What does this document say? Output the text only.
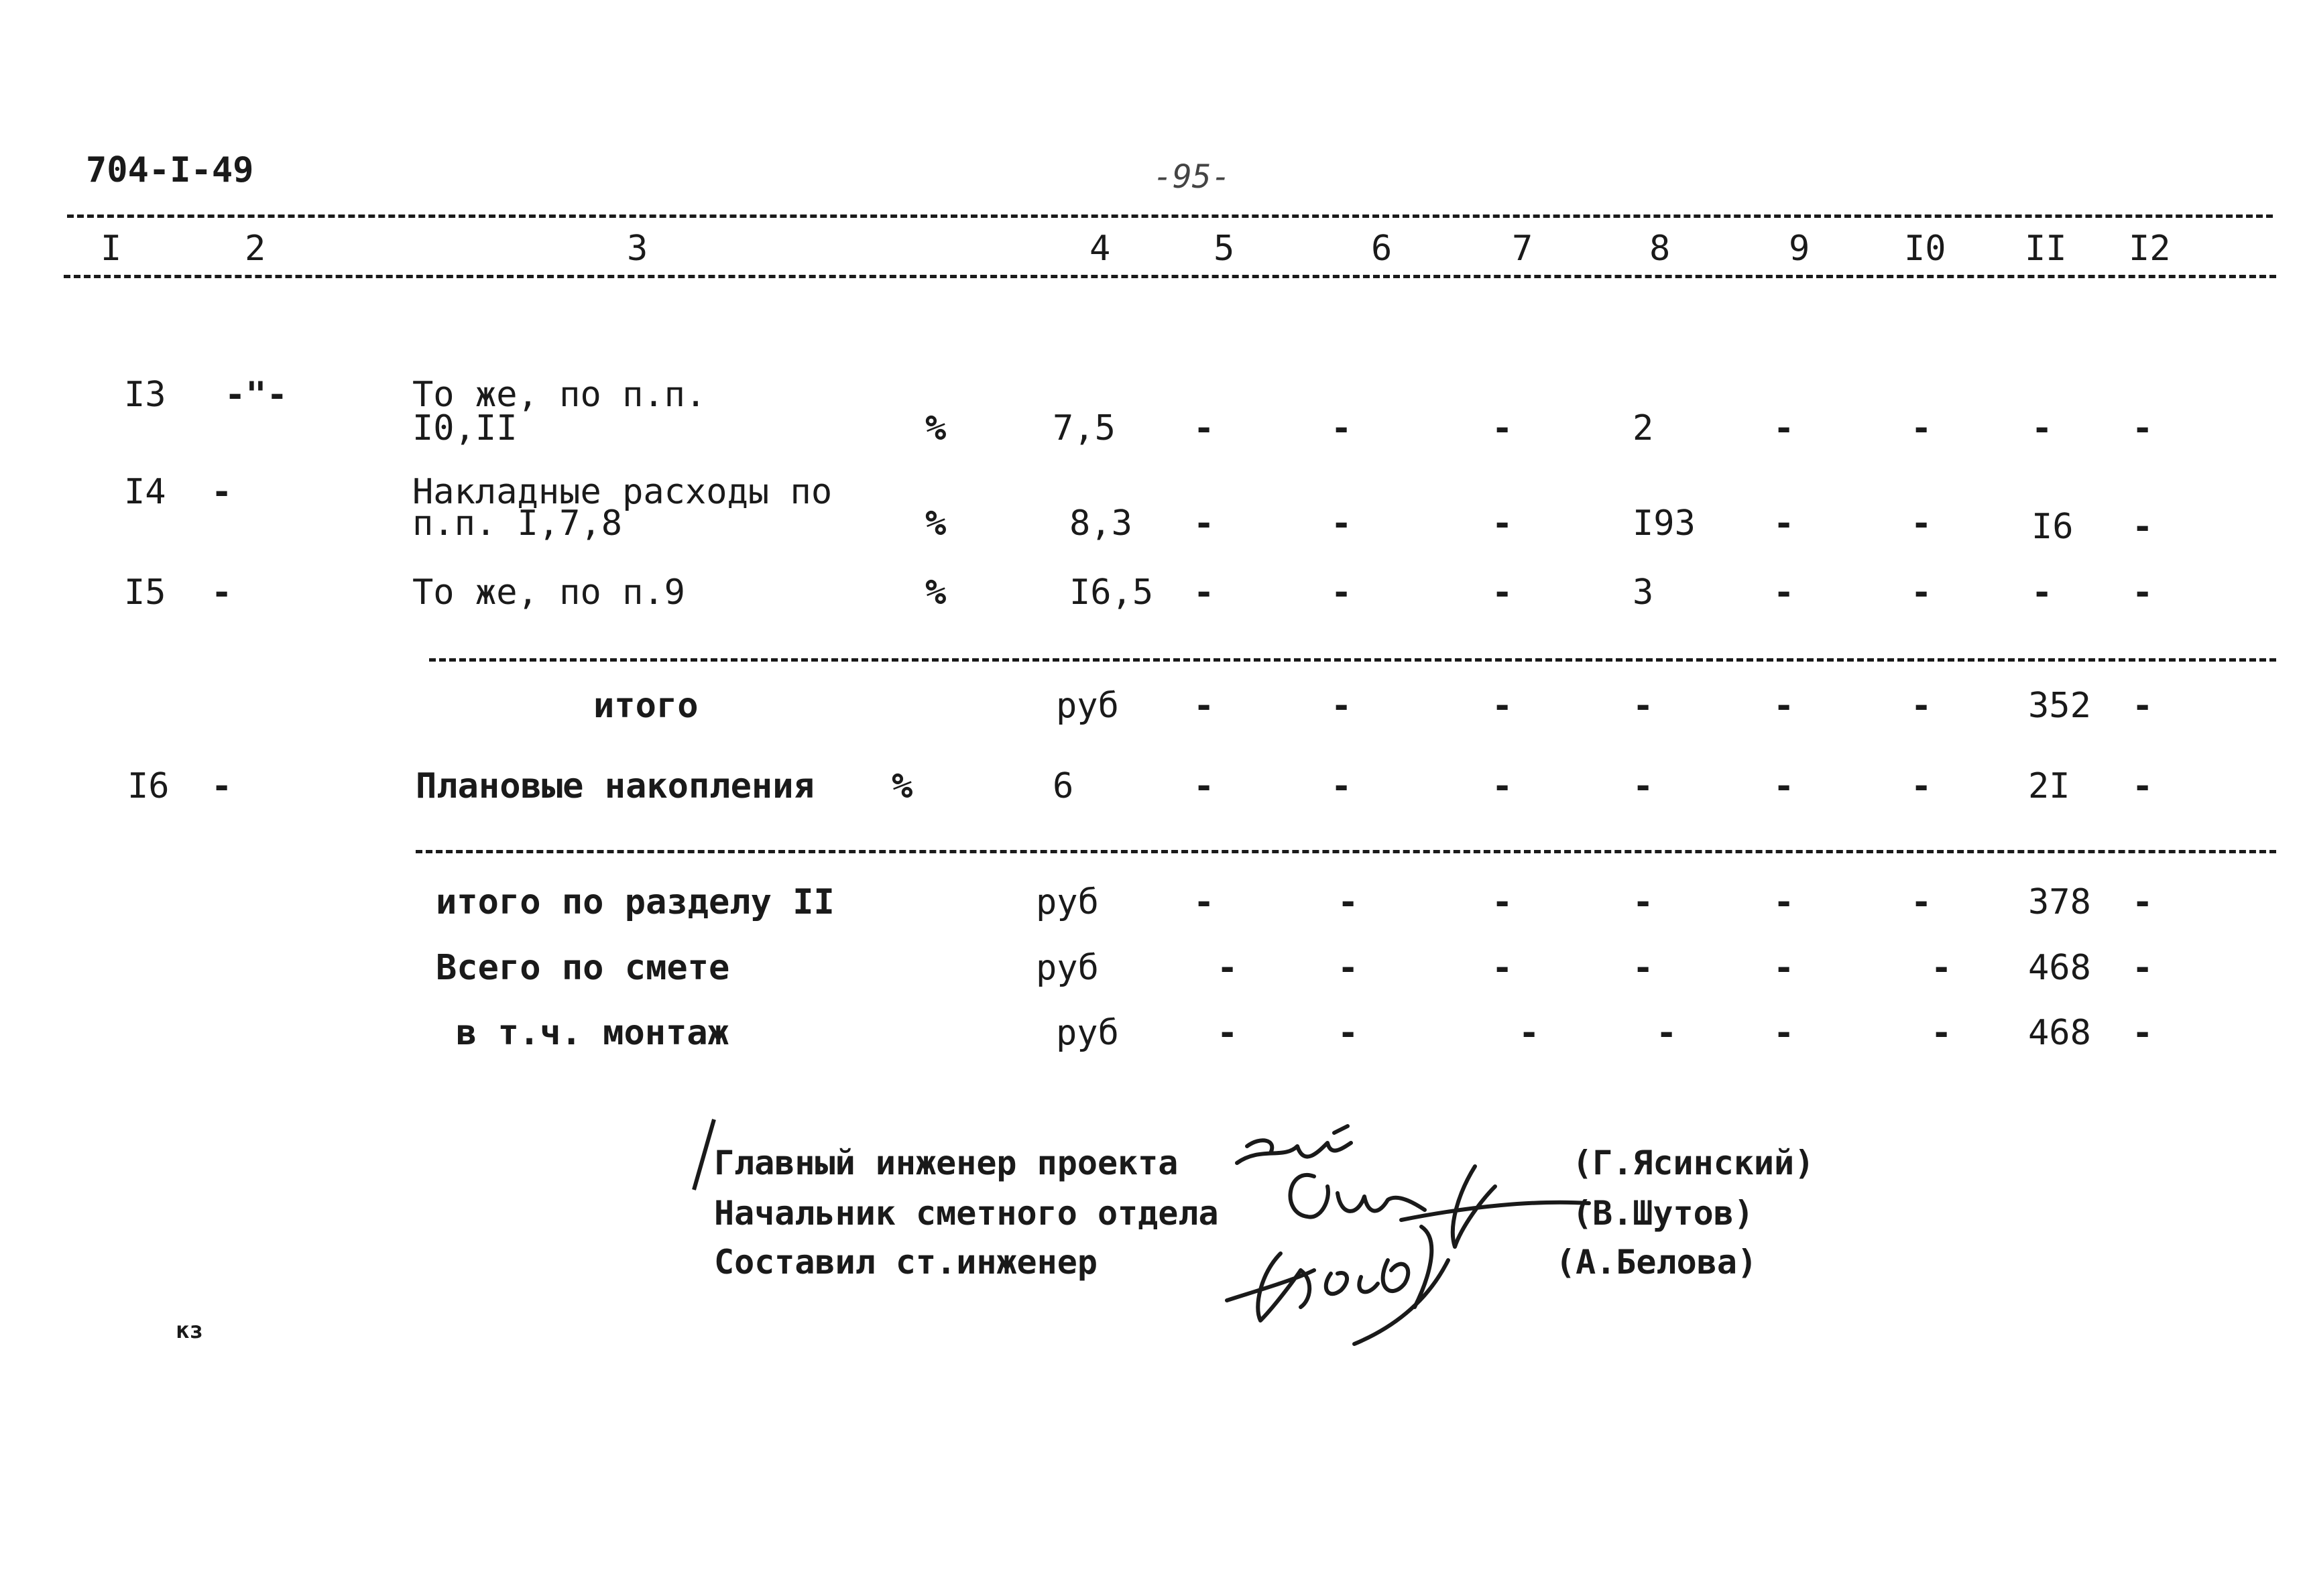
704-I-49	-95-
I	2	3	4	5	6	7	8	9	I0 II I2
I3 -"-	То же, по п.п.
I0,II	%	7,5 -	-	-	2	-	-	- -
I4 -	Накладные расходы по
п.п. I,7,8	%	8,3 -	-	-	I93 -	-	I6 -
I5 -	То же, по п.9	%	I6,5 -	-	-	3	-	-	- -
итого	руб -	-	-	-	-	-	352 -
I6 -	Плановые накопления %	6	-	-	-	-	-	-	2I -
итого по разделу II	руб	-	-	-	-	-	-	378 -
Всего по смете	руб	-	-	-	-	-	- 468 -
в т.ч. монтаж	руб	-	-	-	-	-	- 468 -
Главный инженер проекта	(Г.Ясинский)
Начальник сметного отдела	(В.Шутов)
Составил ст.инженер	(А.Белова)
кз
